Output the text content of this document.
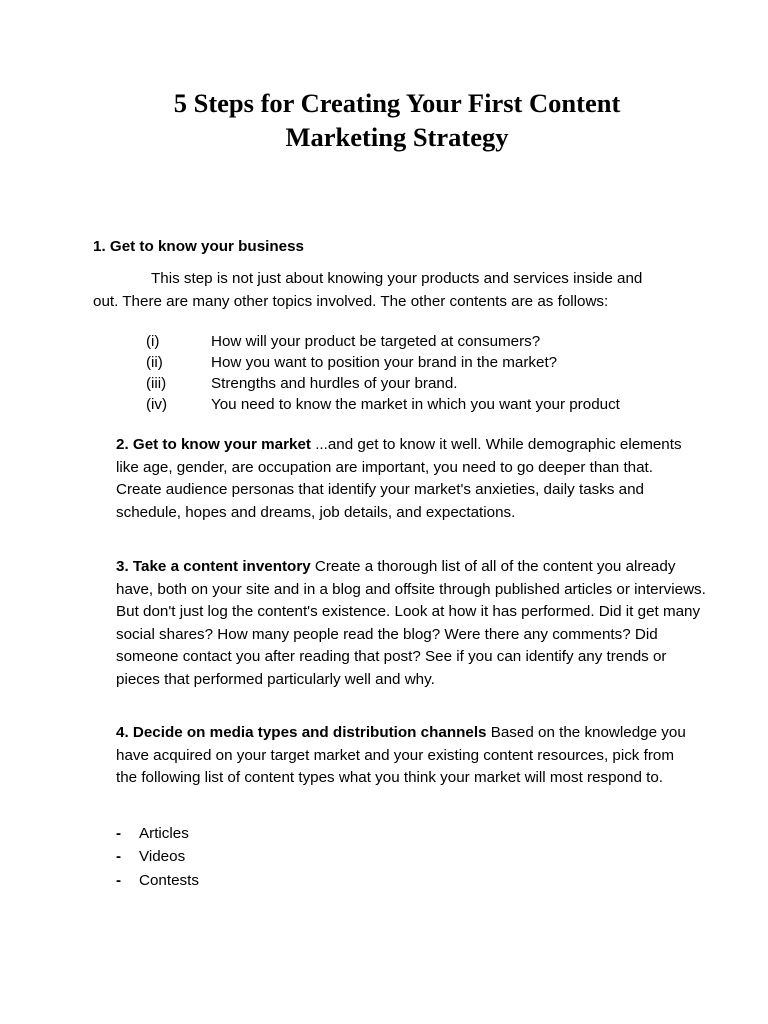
5 Steps for Creating Your First Content
Marketing Strategy
1. Get to know your business
This step is not just about knowing your products and services inside and
out. There are many other topics involved. The other contents are as follows:
(i)	How will your product be targeted at consumers?
(ii)	How you want to position your brand in the market?
(iii)	Strengths and hurdles of your brand.
(iv)	You need to know the market in which you want your product
2. Get to know your market ...and get to know it well. While demographic elements like age, gender, are occupation are important, you need to go deeper than that. Create audience personas that identify your market's anxieties, daily tasks and schedule, hopes and dreams, job details, and expectations.
3. Take a content inventory Create a thorough list of all of the content you already have, both on your site and in a blog and offsite through published articles or interviews. But don't just log the content's existence. Look at how it has performed. Did it get many social shares? How many people read the blog? Were there any comments? Did someone contact you after reading that post? See if you can identify any trends or pieces that performed particularly well and why.
4. Decide on media types and distribution channels Based on the knowledge you have acquired on your target market and your existing content resources, pick from the following list of content types what you think your market will most respond to.
-	Articles
-	Videos
-	Contests
